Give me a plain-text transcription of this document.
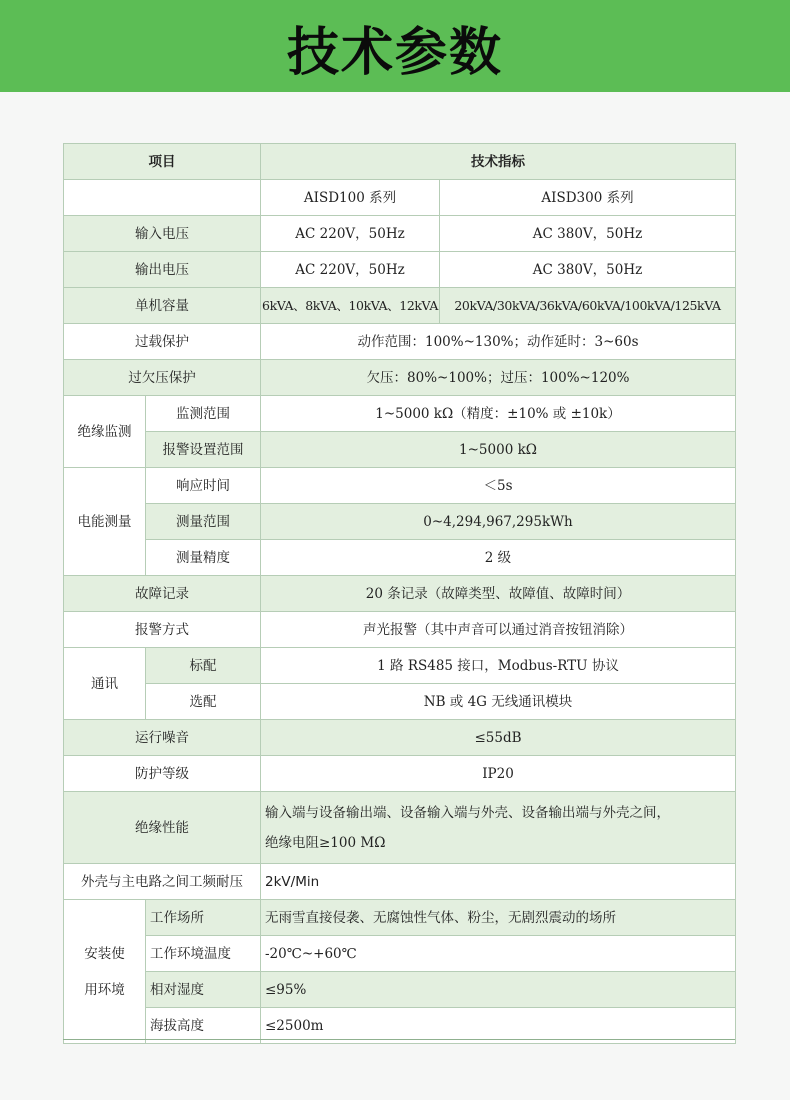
技术参数
项目		技术指标	
		AISD100 系列	AISD300 系列
输入电压		AC 220V，50Hz	AC 380V，50Hz
输出电压		AC 220V，50Hz	AC 380V，50Hz
单机容量		6kVA、8kVA、10kVA、12kVA	20kVA/30kVA/36kVA/60kVA/100kVA/125kVA
过载保护		动作范围：100%~130%；动作延时：3~60s	
过欠压保护		欠压：80%~100%；过压：100%~120%	
绝缘监测	监测范围	1~5000 kΩ（精度：±10% 或 ±10k）	
	报警设置范围	1~5000 kΩ	
电能测量	响应时间	＜5s	
	测量范围	0~4,294,967,295kWh	
	测量精度	2 级	
故障记录		20 条记录（故障类型、故障值、故障时间）	
报警方式		声光报警（其中声音可以通过消音按钮消除）	
通讯	标配	1 路 RS485 接口，Modbus-RTU 协议	
	选配	NB 或 4G 无线通讯模块	
运行噪音		≤55dB	
防护等级		IP20	
绝缘性能		输入端与设备输出端、设备输入端与外壳、设备输出端与外壳之间，
绝缘电阻≥100 MΩ	
外壳与主电路之间工频耐压		2kV/Min	
安装使
用环境	工作场所	无雨雪直接侵袭、无腐蚀性气体、粉尘，无剧烈震动的场所	
	工作环境温度	-20℃~+60℃	
	相对湿度	≤95%	
	海拔高度	≤2500m	
